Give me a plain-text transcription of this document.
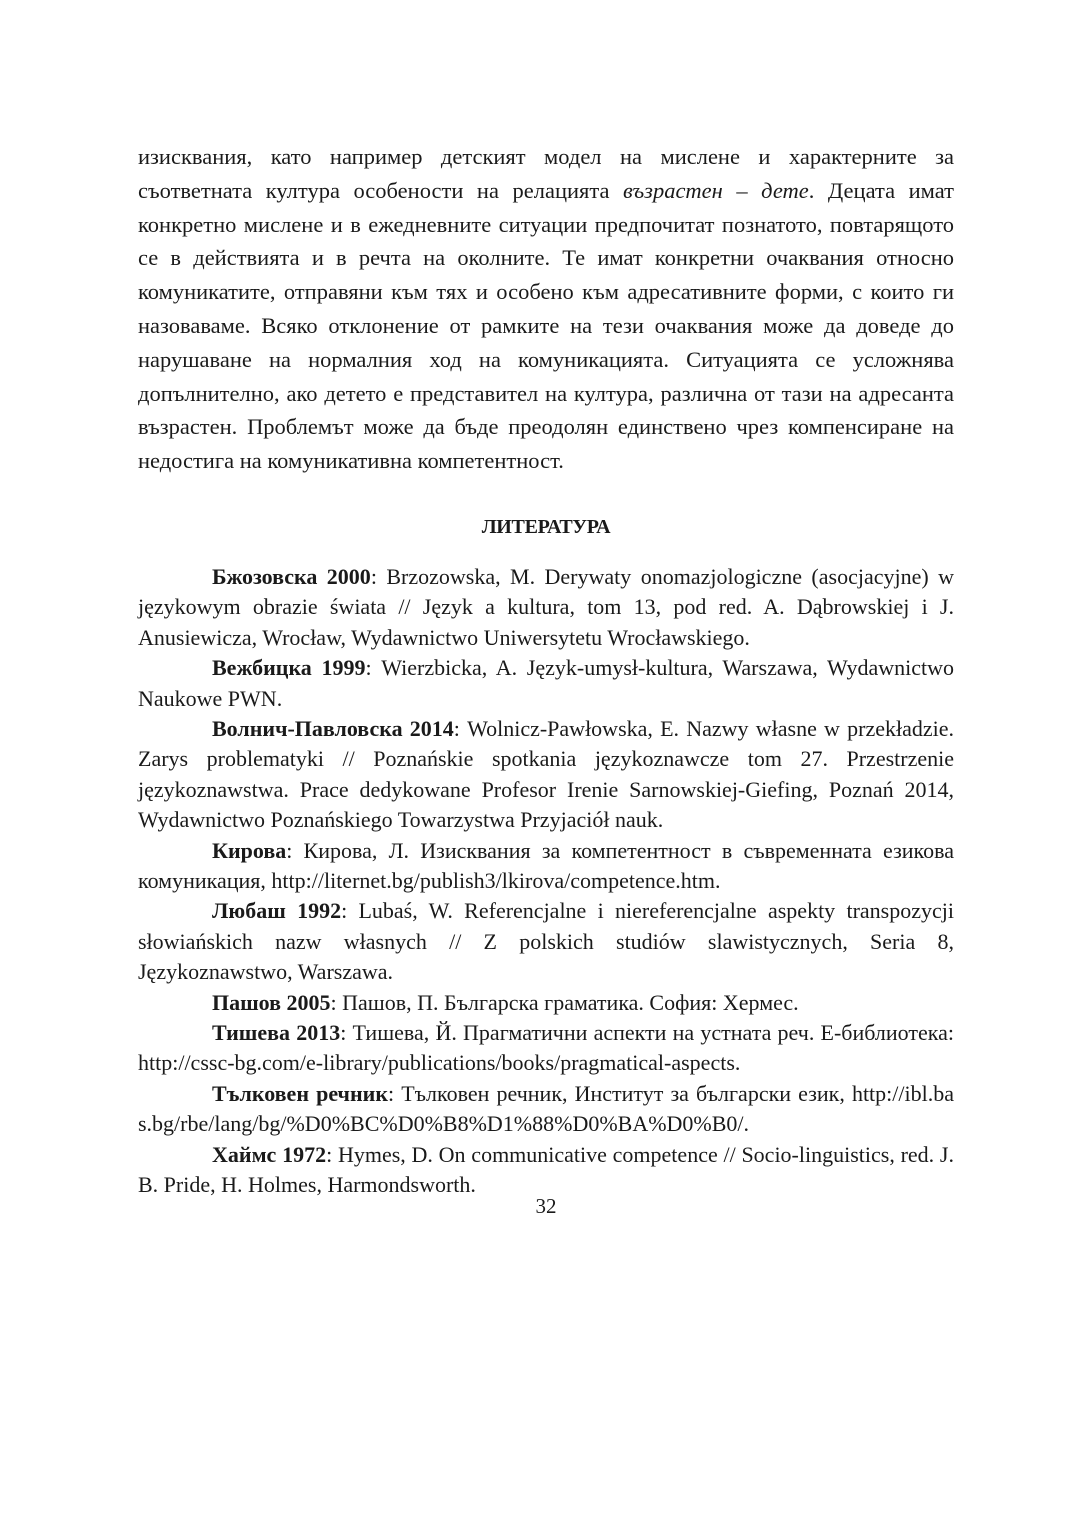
изисквания, като например детският модел на мислене и характерните за съответната култура особености на релацията възрастен – дете. Децата имат конкретно мислене и в ежедневните ситуации предпочитат познатото, повтарящото се в действията и в речта на околните. Те имат конкретни очаквания относно комуникатите, отправяни към тях и особено към адресативните форми, с които ги назоваваме. Всяко отклонение от рамките на тези очаквания може да доведе до нарушаване на нормалния ход на комуникацията. Ситуацията се усложнява допълнително, ако детето е представител на култура, различна от тази на адресанта възрастен. Проблемът може да бъде преодолян единствено чрез компенсиране на недостига на комуникативна компетентност.

ЛИТЕРАТУРА

Бжозовска 2000: Brzozowska, M. Derywaty onomazjologiczne (asocjacyjne) w językowym obrazie świata // Język a kultura, tom 13, pod red. A. Dąbrowskiej i J. Anusiewicza, Wrocław, Wydawnictwo Uniwersytetu Wrocławskiego.

Вежбицка 1999: Wierzbicka, A. Język-umysł-kultura, Warszawa, Wydawnictwo Naukowe PWN.

Волнич-Павловска 2014: Wolnicz-Pawłowska, E. Nazwy własne w przekładzie. Zarys problematyki // Poznańskie spotkania językoznawcze tom 27. Przestrzenie językoznawstwa. Prace dedykowane Profesor Irenie Sarnowskiej-Giefing, Poznań 2014, Wydawnictwo Poznańskiego Towarzystwa Przyjaciół nauk.

Кирова: Кирова, Л. Изисквания за компетентност в съвременната езикова комуникация, http://liternet.bg/publish3/lkirova/competence.htm.

Любаш 1992: Lubaś, W. Referencjalne i niereferencjalne aspekty transpozycji słowiańskich nazw własnych // Z polskich studiów slawistycznych, Seria 8, Językoznawstwo, Warszawa.

Пашов 2005: Пашов, П. Българска граматика. София: Хермес.

Тишева 2013: Тишева, Й. Прагматични аспекти на устната реч. Е-библиотека: http://cssc-bg.com/e-library/publications/books/pragmatical-aspects.

Тълковен речник: Тълковен речник, Институт за български език, http://ibl.bas.bg/rbe/lang/bg/%D0%BC%D0%B8%D1%88%D0%BA%D0%B0/.

Хаймс 1972: Hymes, D. On communicative competence // Socio-linguistics, red. J. B. Pride, H. Holmes, Harmondsworth.

32
